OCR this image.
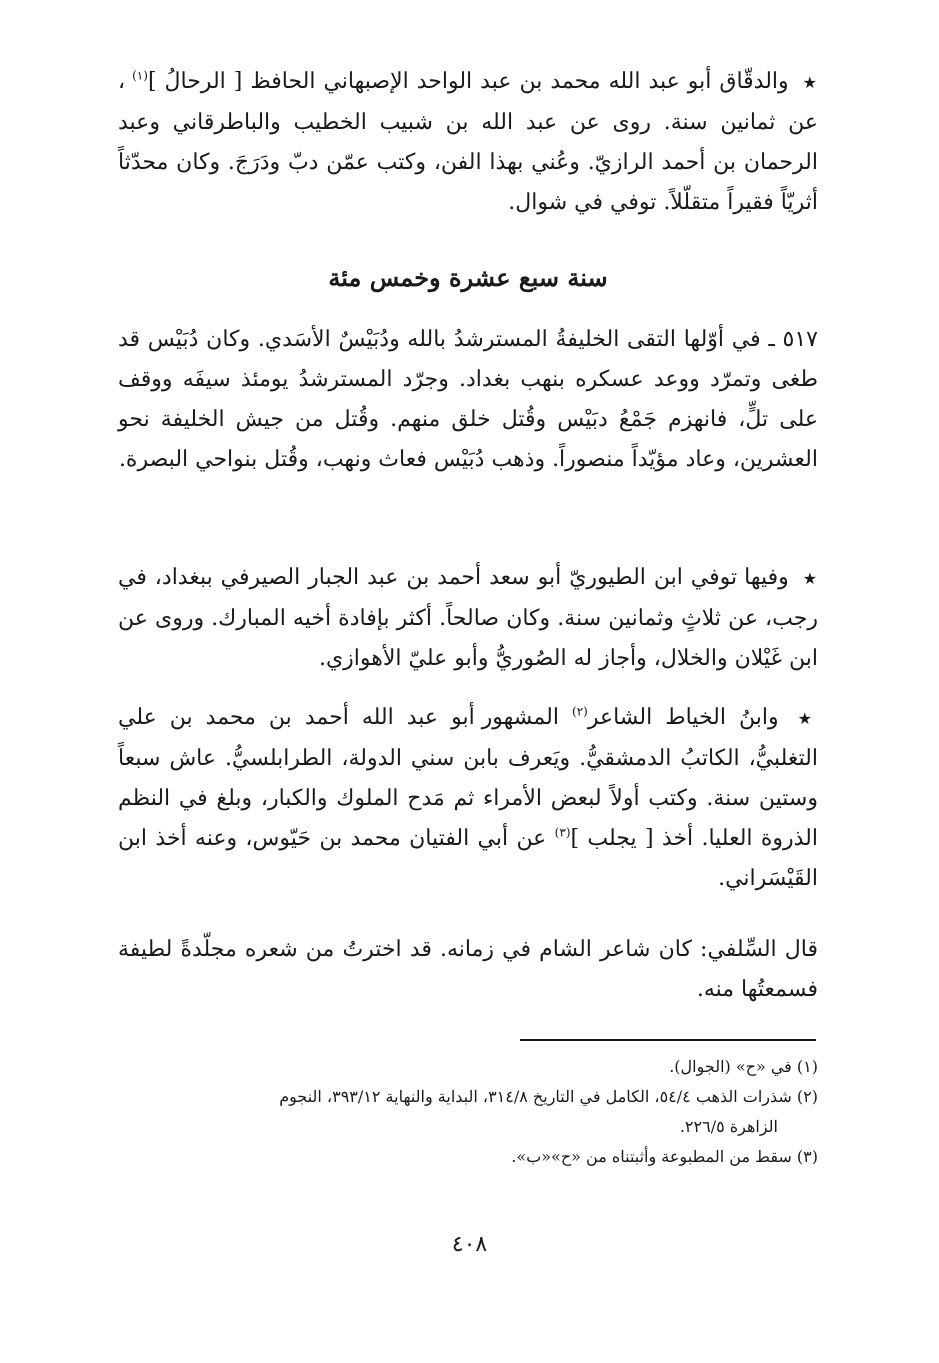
★ والدقّاق أبو عبد الله محمد بن عبد الواحد الإصبهاني الحافظ [ الرحالُ ]$^{(١)}$ ، عن ثمانين سنة. روى عن عبد الله بن شبيب الخطيب والباطرقاني وعبد الرحمان بن أحمد الرازيّ. وعُني بهذا الفن، وكتب عمّن دبّ ودَرَجَ. وكان محدّثاً أثريّاً فقيراً متقلّلاً. توفي في شوال.

سنة سبع عشرة وخمس مئة

٥١٧ ـ في أوّلها التقى الخليفةُ المسترشدُ بالله ودُبَيْسٌ الأسَدي. وكان دُبَيْس قد طغى وتمرّد ووعد عسكره بنهب بغداد. وجرّد المسترشدُ يومئذ سيفَه ووقف على تلٍّ، فانهزم جَمْعُ دبَيْس وقُتل خلق منهم. وقُتل من جيش الخليفة نحو العشرين، وعاد مؤيّداً منصوراً. وذهب دُبَيْس فعاث ونهب، وقُتل بنواحي البصرة.

★ وفيها توفي ابن الطيوريّ أبو سعد أحمد بن عبد الجبار الصيرفي ببغداد، في رجب، عن ثلاثٍ وثمانين سنة. وكان صالحاً. أكثر بإفادة أخيه المبارك. وروى عن ابن غَيْلان والخلال، وأجاز له الصُوريُّ وأبو عليّ الأهوازي.

★ وابنُ الخياط الشاعر$^{(٢)}$ المشهور أبو عبد الله أحمد بن محمد بن علي التغلبيُّ، الكاتبُ الدمشقيُّ. ويَعرف بابن سني الدولة، الطرابلسيُّ. عاش سبعاً وستين سنة. وكتب أولاً لبعض الأمراء ثم مَدح الملوك والكبار، وبلغ في النظم الذروة العليا. أخذ [ يجلب ]$^{(٣)}$ عن أبي الفتيان محمد بن حَيّوس، وعنه أخذ ابن القَيْسَراني.

قال السِّلفي: كان شاعر الشام في زمانه. قد اخترتُ من شعره مجلّدةً لطيفة فسمعتُها منه.

(١) في «ح» (الجوال).

(٢) شذرات الذهب ٥٤/٤، الكامل في التاريخ ٣١٤/٨، البداية والنهاية ٣٩٣/١٢، النجوم

الزاهرة ٢٢٦/٥.

(٣) سقط من المطبوعة وأثبتناه من «ح»«ب».

٤٠٨
